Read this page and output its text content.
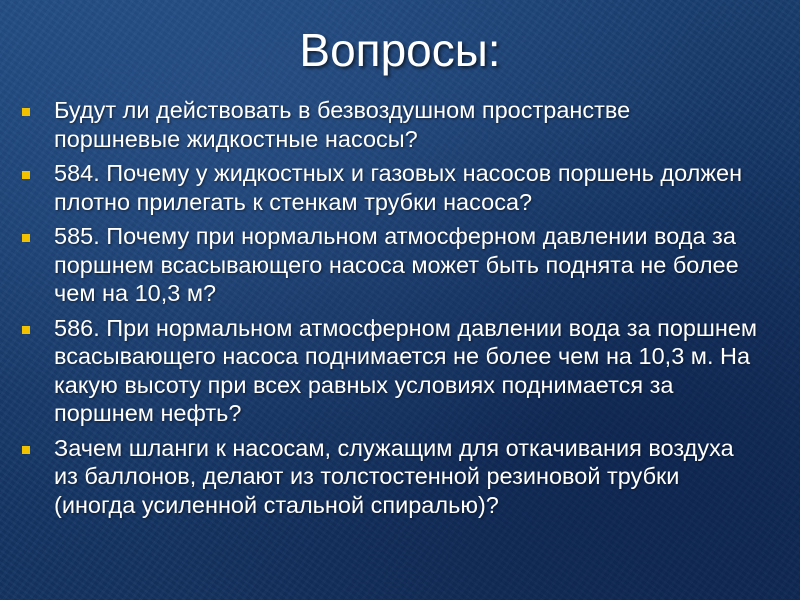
Вопросы:
Будут ли действовать в безвоздушном пространстве поршневые жидкостные насосы?
584. Почему у жидкостных и газовых насосов поршень должен плотно прилегать к стенкам трубки насоса?
585. Почему при нормальном атмосферном давлении вода за поршнем всасывающего насоса может быть поднята не более чем на 10,3 м?
586. При нормальном атмосферном давлении вода за поршнем всасывающего насоса поднимается не более чем на 10,3 м. На какую высоту при всех равных условиях поднимается за поршнем нефть?
Зачем шланги к насосам, служащим для откачивания воздуха из баллонов, делают из толстостенной резиновой трубки (иногда усиленной стальной спиралью)?
